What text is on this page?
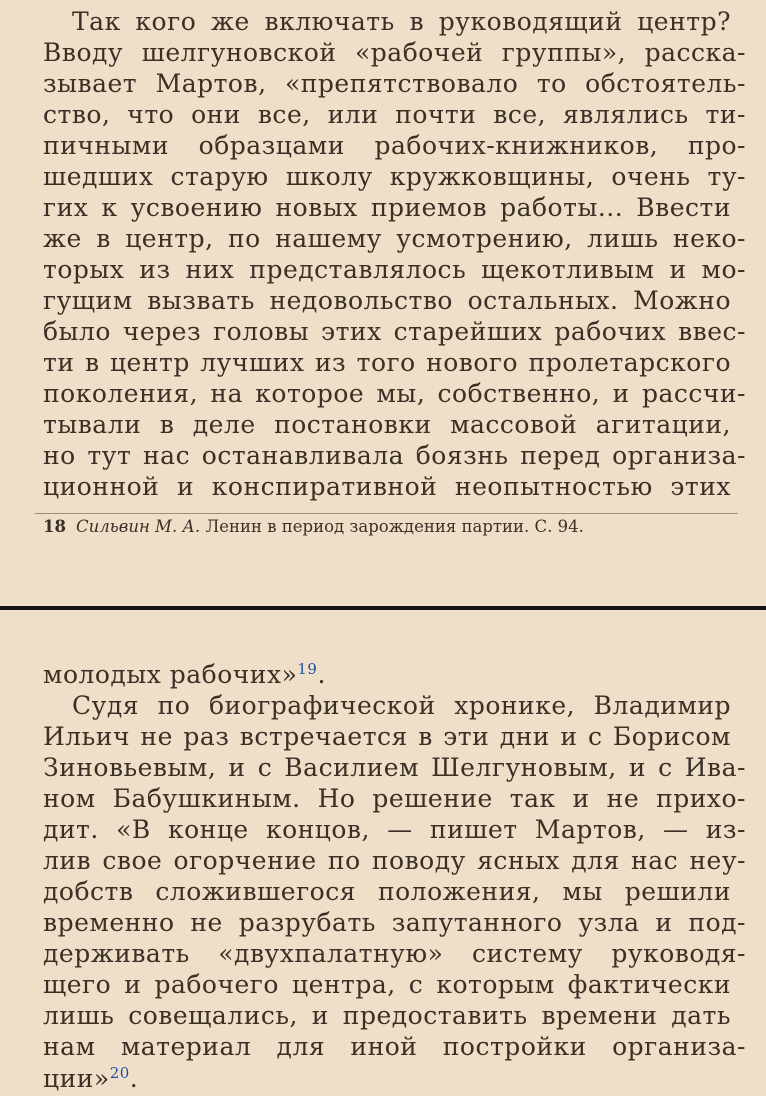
Так кого же включать в руководящий центр?
Вводу шелгуновской «рабочей группы», расска-
зывает Мартов, «препятствовало то обстоятель-
ство, что они все, или почти все, являлись ти-
пичными образцами рабочих-книжников, про-
шедших старую школу кружковщины, очень ту-
гих к усвоению новых приемов работы... Ввести
же в центр, по нашему усмотрению, лишь неко-
торых из них представлялось щекотливым и мо-
гущим вызвать недовольство остальных. Можно
было через головы этих старейших рабочих ввес-
ти в центр лучших из того нового пролетарского
поколения, на которое мы, собственно, и рассчи-
тывали в деле постановки массовой агитации,
но тут нас останавливала боязнь перед организа-
ционной и конспиративной неопытностью этих
18 Сильвин М. А. Ленин в период зарождения партии. С. 94.
молодых рабочих»$^{19}$.
Судя по биографической хронике, Владимир
Ильич не раз встречается в эти дни и с Борисом
Зиновьевым, и с Василием Шелгуновым, и с Ива-
ном Бабушкиным. Но решение так и не прихо-
дит. «В конце концов, — пишет Мартов, — из-
лив свое огорчение по поводу ясных для нас неу-
добств сложившегося положения, мы решили
временно не разрубать запутанного узла и под-
держивать «двухпалатную» систему руководя-
щего и рабочего центра, с которым фактически
лишь совещались, и предоставить времени дать
нам материал для иной постройки организа-
ции»$^{20}$.
